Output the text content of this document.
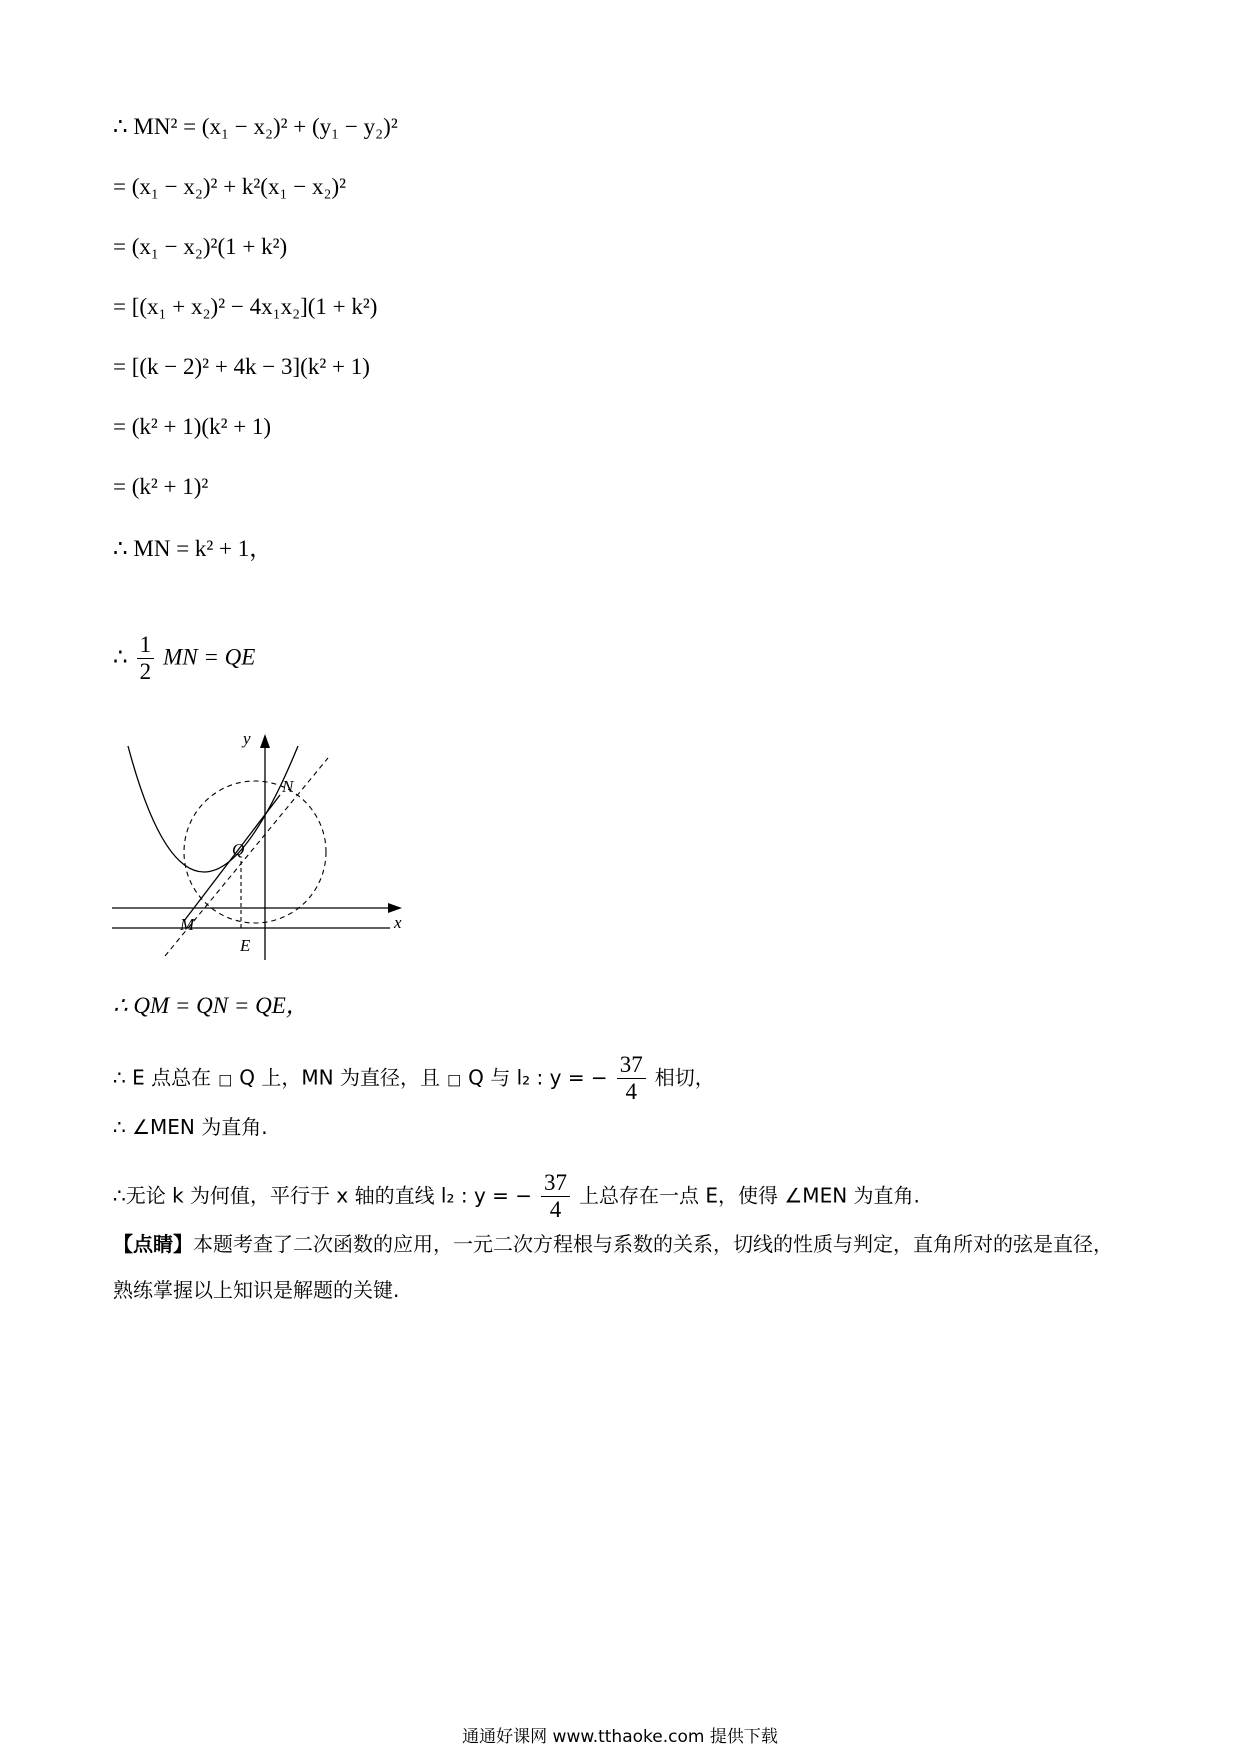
∴ MN² = (x₁ − x₂)² + (y₁ − y₂)²
= (x₁ − x₂)² + k²(x₁ − x₂)²
= (x₁ − x₂)²(1 + k²)
= [(x₁ + x₂)² − 4x₁x₂](1 + k²)
= [(k − 2)² + 4k − 3](k² + 1)
= (k² + 1)(k² + 1)
= (k² + 1)²
∴ MN = k² + 1，
∴ $\frac{1}{2}$ MN = QE
y
x
N
Q
M
E
∴ QM = QN = QE，
∴ E 点总在 □ Q 上，MN 为直径，且 □ Q 与 l₂ : y = − $\frac{37}{4}$ 相切，
∴ ∠MEN 为直角.
∴无论 k 为何值，平行于 x 轴的直线 l₂ : y = − $\frac{37}{4}$ 上总存在一点 E，使得 ∠MEN 为直角.
【点睛】本题考查了二次函数的应用，一元二次方程根与系数的关系，切线的性质与判定，直角所对的弦是直径，熟练掌握以上知识是解题的关键.
通通好课网 www.tthaoke.com 提供下载
